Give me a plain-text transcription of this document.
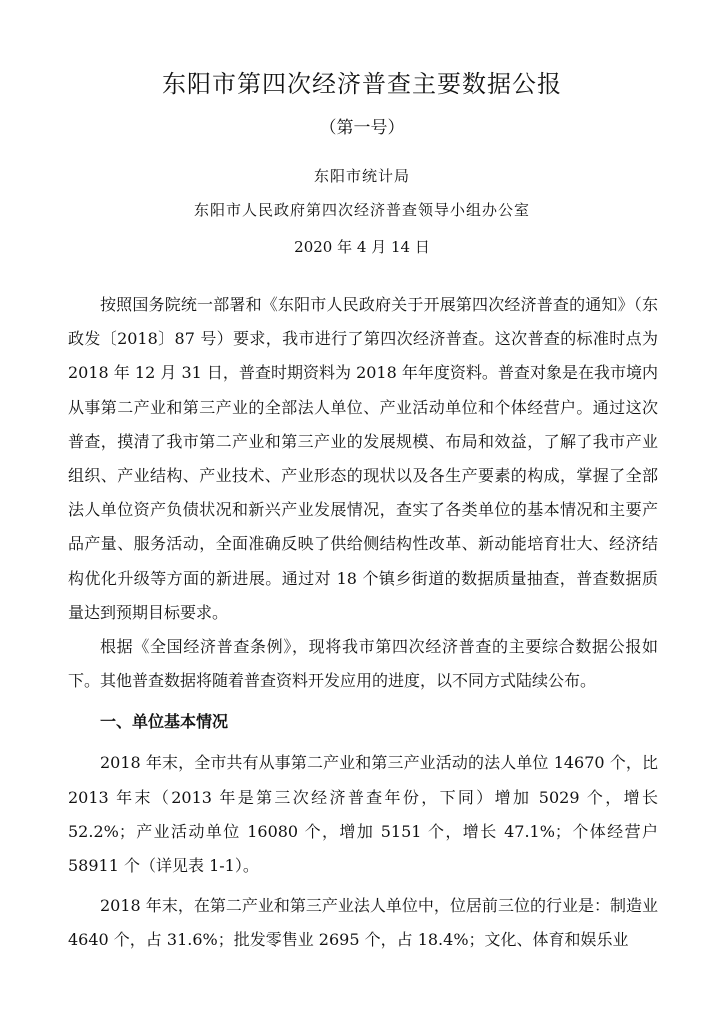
东阳市第四次经济普查主要数据公报
（第一号）
东阳市统计局
东阳市人民政府第四次经济普查领导小组办公室
2020 年 4 月 14 日

按照国务院统一部署和《东阳市人民政府关于开展第四次经济普查的通知》（东政发〔2018〕87 号）要求，我市进行了第四次经济普查。这次普查的标准时点为 2018 年 12 月 31 日，普查时期资料为 2018 年年度资料。普查对象是在我市境内从事第二产业和第三产业的全部法人单位、产业活动单位和个体经营户。通过这次普查，摸清了我市第二产业和第三产业的发展规模、布局和效益，了解了我市产业组织、产业结构、产业技术、产业形态的现状以及各生产要素的构成，掌握了全部法人单位资产负债状况和新兴产业发展情况，查实了各类单位的基本情况和主要产品产量、服务活动，全面准确反映了供给侧结构性改革、新动能培育壮大、经济结构优化升级等方面的新进展。通过对 18 个镇乡街道的数据质量抽查，普查数据质量达到预期目标要求。

根据《全国经济普查条例》，现将我市第四次经济普查的主要综合数据公报如下。其他普查数据将随着普查资料开发应用的进度，以不同方式陆续公布。

一、单位基本情况

2018 年末，全市共有从事第二产业和第三产业活动的法人单位 14670 个，比 2013 年末（2013 年是第三次经济普查年份，下同）增加 5029 个，增长 52.2%；产业活动单位 16080 个，增加 5151 个，增长 47.1%；个体经营户 58911 个（详见表 1-1）。

2018 年末，在第二产业和第三产业法人单位中，位居前三位的行业是：制造业 4640 个，占 31.6%；批发零售业 2695 个，占 18.4%；文化、体育和娱乐业
